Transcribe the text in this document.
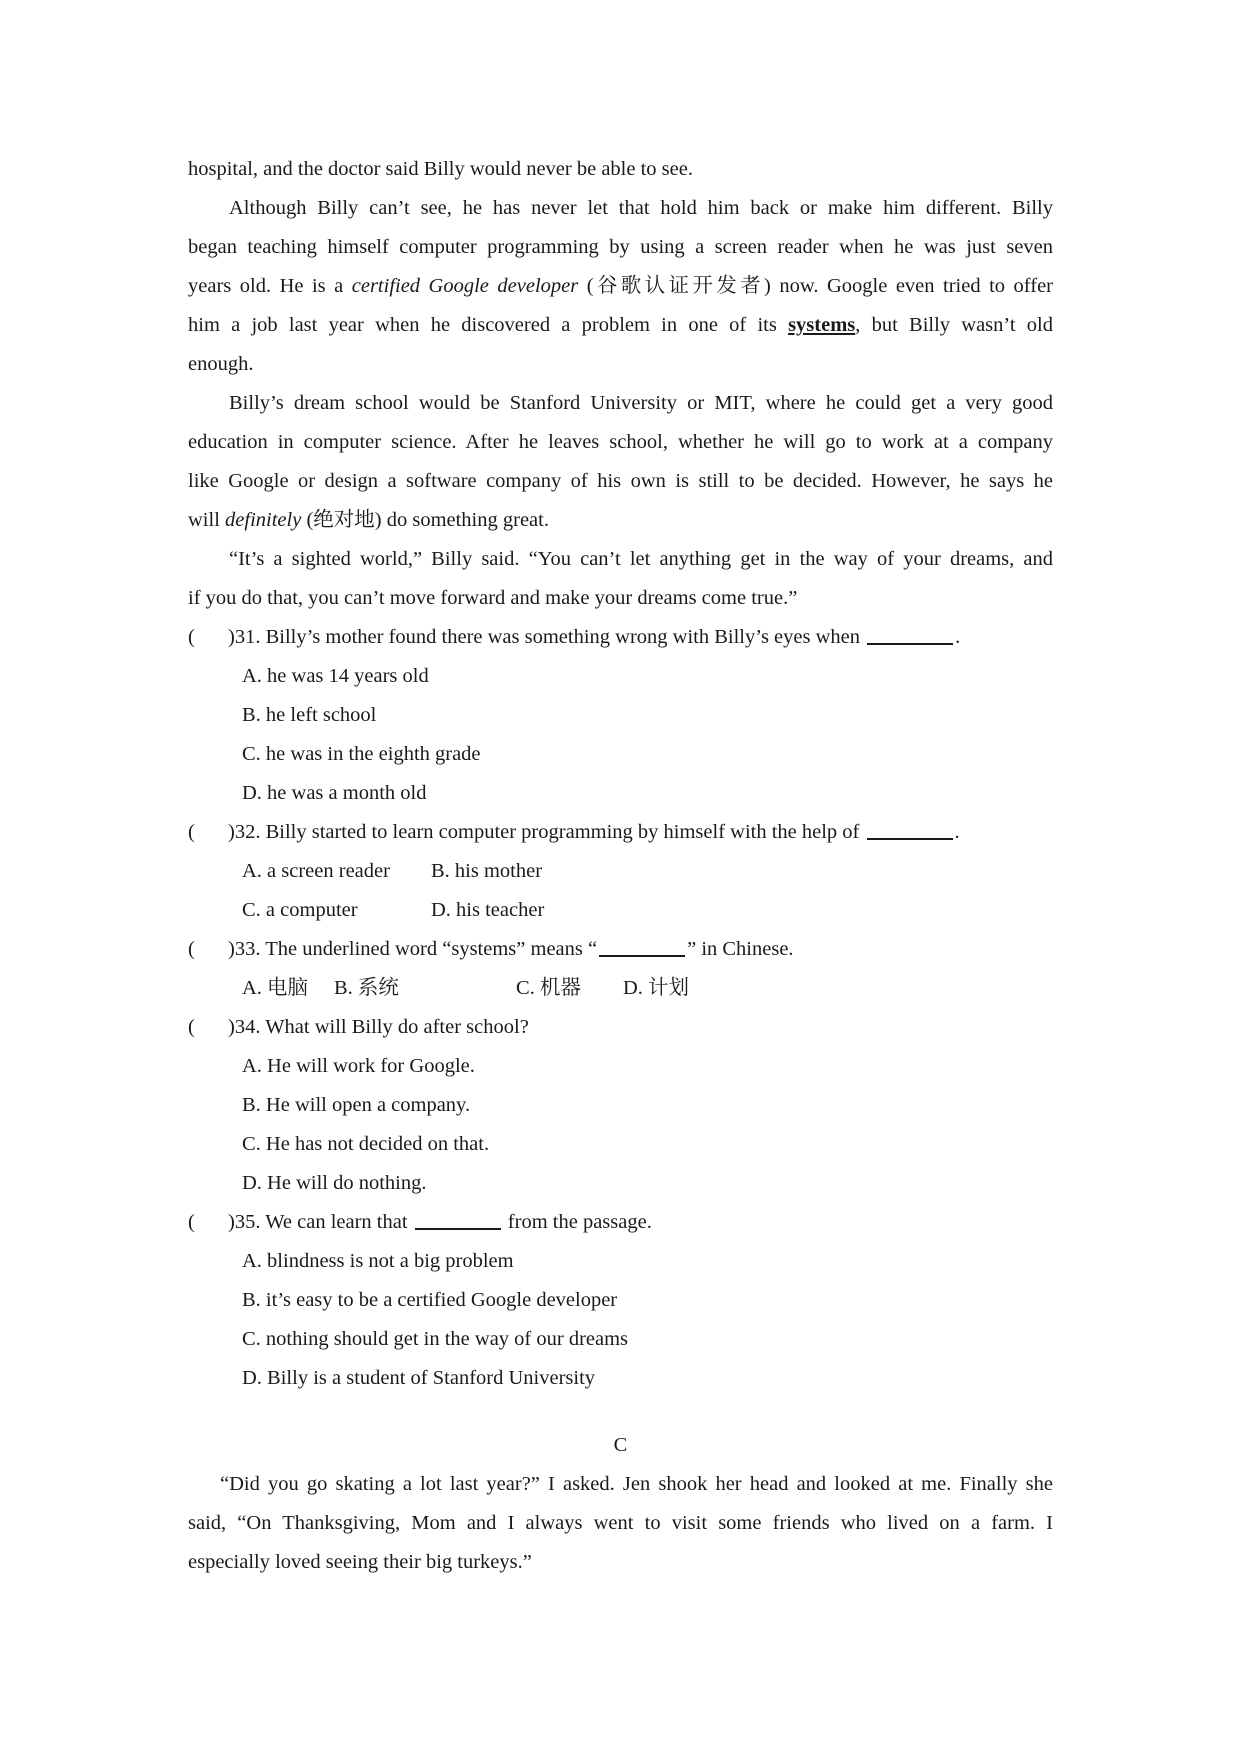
hospital, and the doctor said Billy would never be able to see.
Although Billy can’t see, he has never let that hold him back or make him different. Billy
began teaching himself computer programming by using a screen reader when he was just seven
years old. He is a certified Google developer (谷歌认证开发者) now. Google even tried to offer
him a job last year when he discovered a problem in one of its systems, but Billy wasn’t old
enough.
Billy’s dream school would be Stanford University or MIT, where he could get a very good
education in computer science. After he leaves school, whether he will go to work at a company
like Google or design a software company of his own is still to be decided. However, he says he
will definitely (绝对地) do something great.
“It’s a sighted world,” Billy said. “You can’t let anything get in the way of your dreams, and
if you do that, you can’t move forward and make your dreams come true.”
( )31. Billy’s mother found there was something wrong with Billy’s eyes when	.
A. he was 14 years old
B. he left school
C. he was in the eighth grade
D. he was a month old
( )32. Billy started to learn computer programming by himself with the help of	.
A. a screen reader B. his mother
C. a computer	D. his teacher
( )33. The underlined word “systems” means “	” in Chinese.
A. 电脑 B. 系统	C. 机器 D. 计划
( )34. What will Billy do after school?
A. He will work for Google.
B. He will open a company.
C. He has not decided on that.
D. He will do nothing.
( )35. We can learn that	from the passage.
A. blindness is not a big problem
B. it’s easy to be a certified Google developer
C. nothing should get in the way of our dreams
D. Billy is a student of Stanford University
C
“Did you go skating a lot last year?” I asked. Jen shook her head and looked at me. Finally she
said, “On Thanksgiving, Mom and I always went to visit some friends who lived on a farm. I
especially loved seeing their big turkeys.”
